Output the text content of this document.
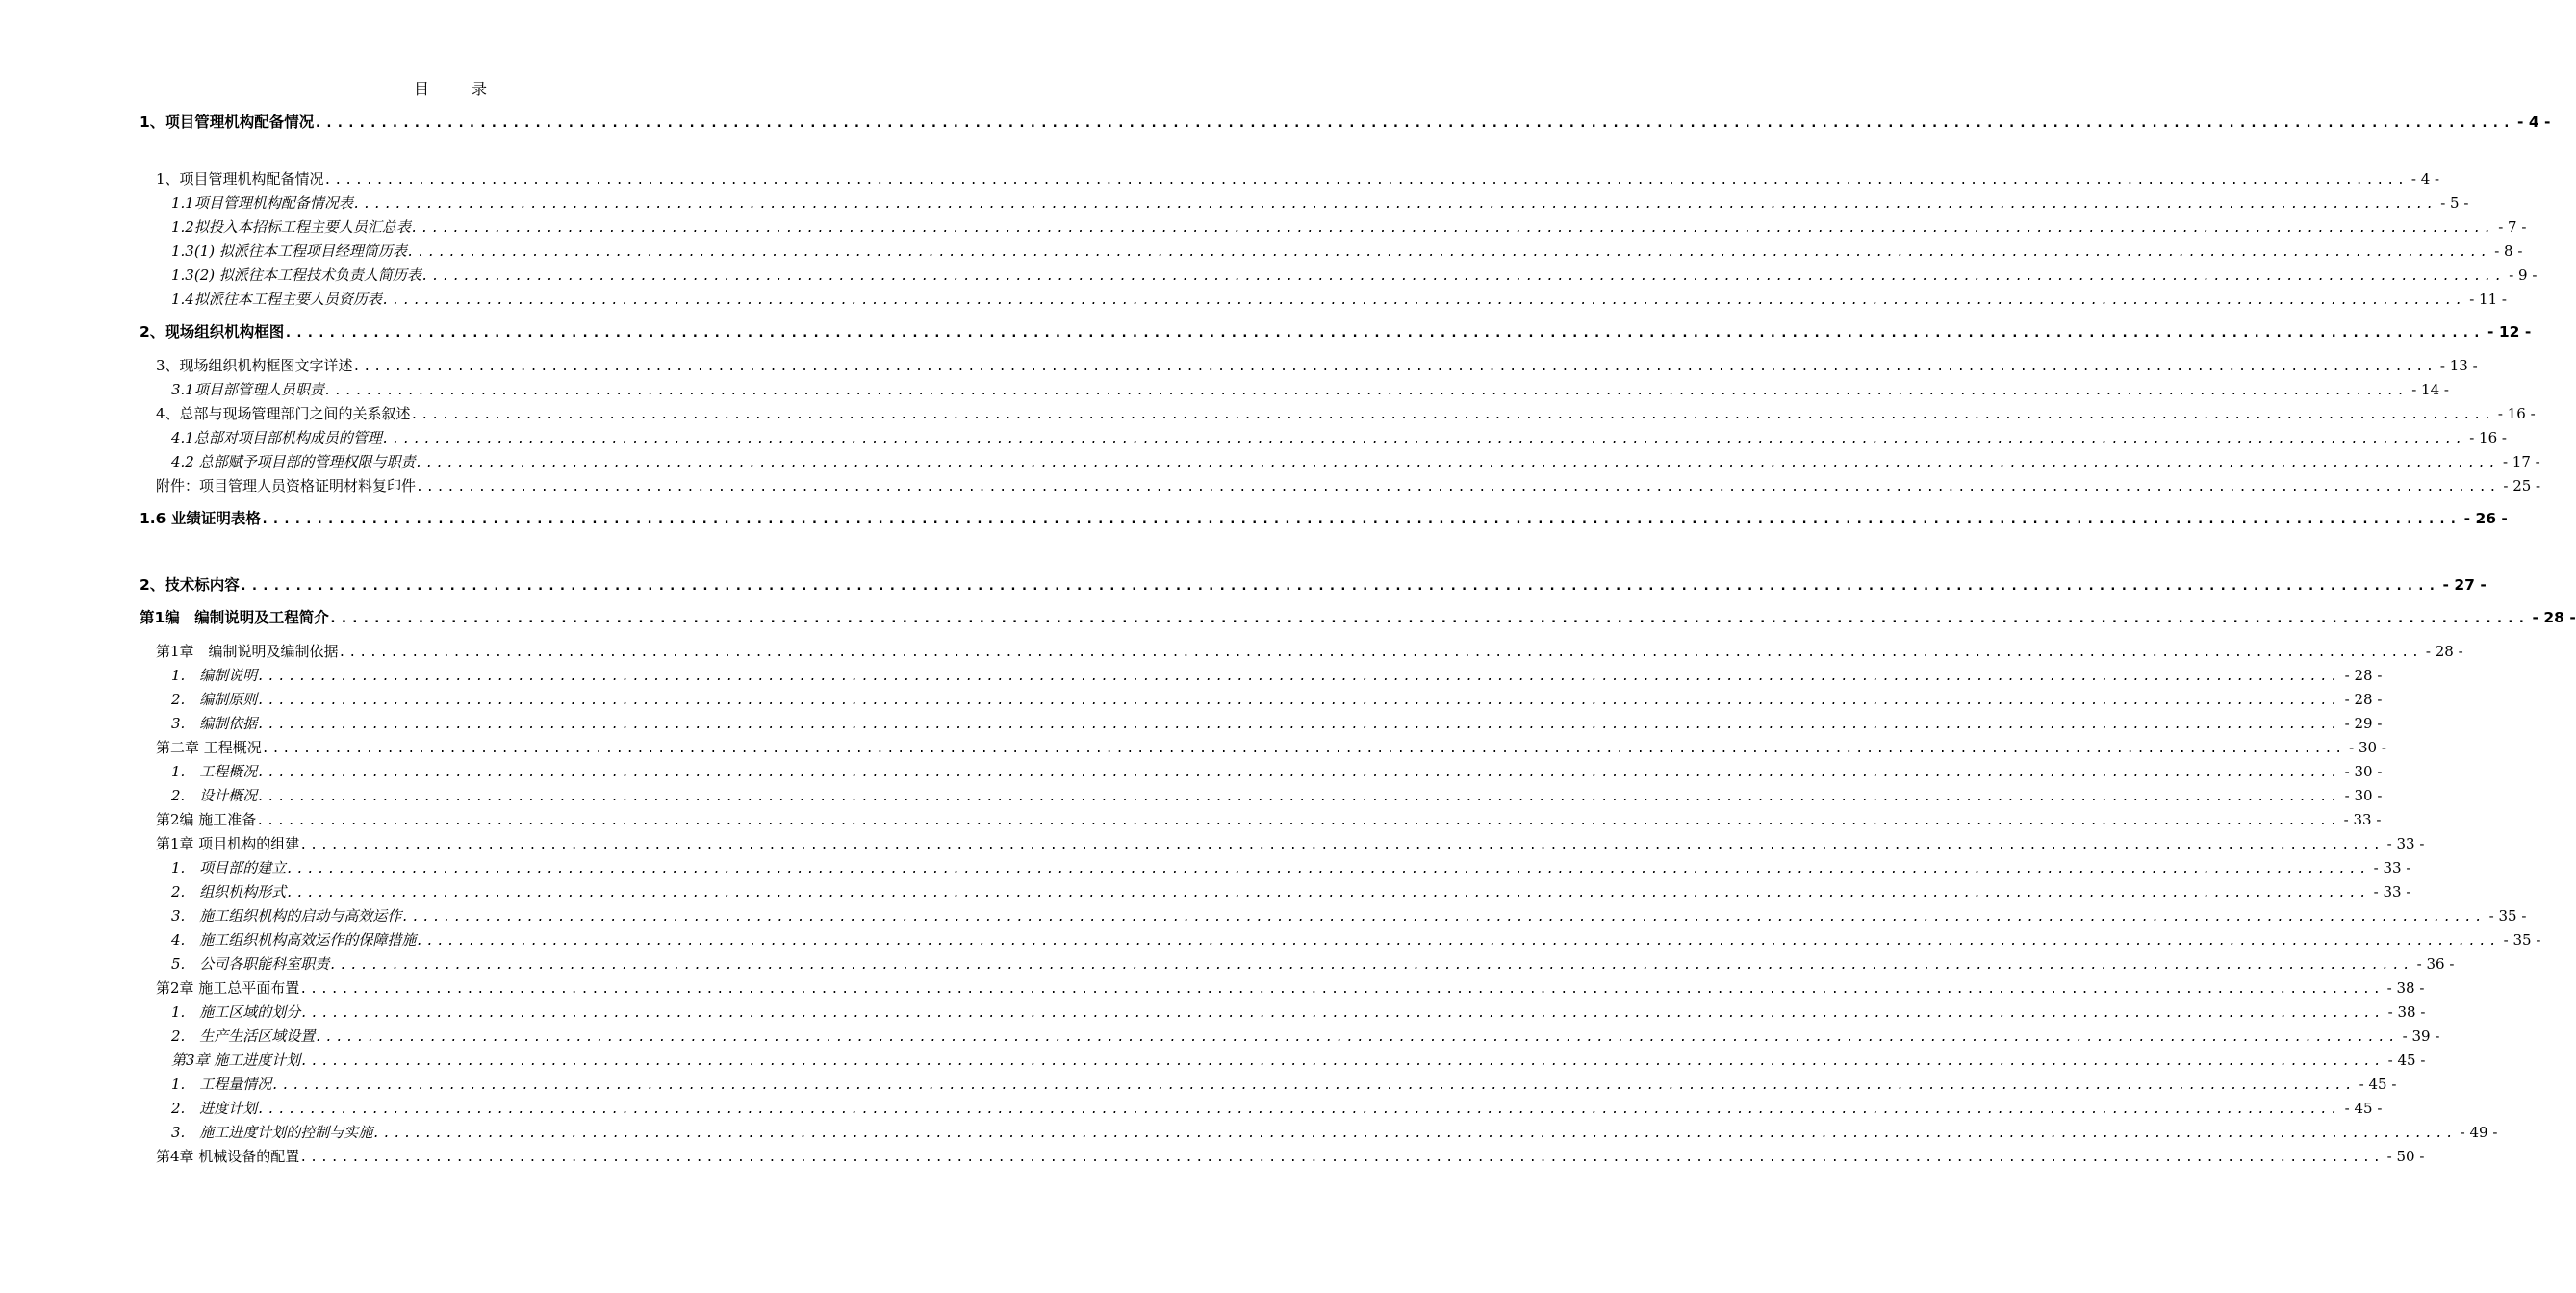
目　录
1、项目管理机构配备情况 ........................................................................................................................................................................................................ - 4 -
1、项目管理机构配备情况 ........................................................................................................................................................................................................ - 4 -
1.1项目管理机构配备情况表 ........................................................................................................................................................................................................ - 5 -
1.2拟投入本招标工程主要人员汇总表 ........................................................................................................................................................................................................ - 7 -
1.3(1) 拟派往本工程项目经理简历表 ........................................................................................................................................................................................................ - 8 -
1.3(2) 拟派往本工程技术负责人简历表 ........................................................................................................................................................................................................ - 9 -
1.4拟派往本工程主要人员资历表 ........................................................................................................................................................................................................ - 11 -
2、现场组织机构框图 ........................................................................................................................................................................................................ - 12 -
3、现场组织机构框图文字详述 ........................................................................................................................................................................................................ - 13 -
3.1项目部管理人员职责 ........................................................................................................................................................................................................ - 14 -
4、总部与现场管理部门之间的关系叙述 ........................................................................................................................................................................................................ - 16 -
4.1总部对项目部机构成员的管理 ........................................................................................................................................................................................................ - 16 -
4.2 总部赋予项目部的管理权限与职责 ........................................................................................................................................................................................................ - 17 -
附件：项目管理人员资格证明材料复印件 ........................................................................................................................................................................................................ - 25 -
1.6 业绩证明表格 ........................................................................................................................................................................................................ - 26 -
2、技术标内容 ........................................................................................................................................................................................................ - 27 -
第1编　编制说明及工程简介 ........................................................................................................................................................................................................ - 28 -
第1章　编制说明及编制依据 ........................................................................................................................................................................................................ - 28 -
1.　编制说明 ........................................................................................................................................................................................................ - 28 -
2.　编制原则 ........................................................................................................................................................................................................ - 28 -
3.　编制依据 ........................................................................................................................................................................................................ - 29 -
第二章 工程概况 ........................................................................................................................................................................................................ - 30 -
1.　工程概况 ........................................................................................................................................................................................................ - 30 -
2.　设计概况 ........................................................................................................................................................................................................ - 30 -
第2编 施工准备 ........................................................................................................................................................................................................ - 33 -
第1章 项目机构的组建 ........................................................................................................................................................................................................ - 33 -
1.　项目部的建立 ........................................................................................................................................................................................................ - 33 -
2.　组织机构形式 ........................................................................................................................................................................................................ - 33 -
3.　施工组织机构的启动与高效运作 ........................................................................................................................................................................................................ - 35 -
4.　施工组织机构高效运作的保障措施 ........................................................................................................................................................................................................ - 35 -
5.　公司各职能科室职责 ........................................................................................................................................................................................................ - 36 -
第2章 施工总平面布置 ........................................................................................................................................................................................................ - 38 -
1.　施工区域的划分 ........................................................................................................................................................................................................ - 38 -
2.　生产生活区域设置 ........................................................................................................................................................................................................ - 39 -
第3章 施工进度计划 ........................................................................................................................................................................................................ - 45 -
1.　工程量情况 ........................................................................................................................................................................................................ - 45 -
2.　进度计划 ........................................................................................................................................................................................................ - 45 -
3.　施工进度计划的控制与实施 ........................................................................................................................................................................................................ - 49 -
第4章 机械设备的配置 ........................................................................................................................................................................................................ - 50 -
